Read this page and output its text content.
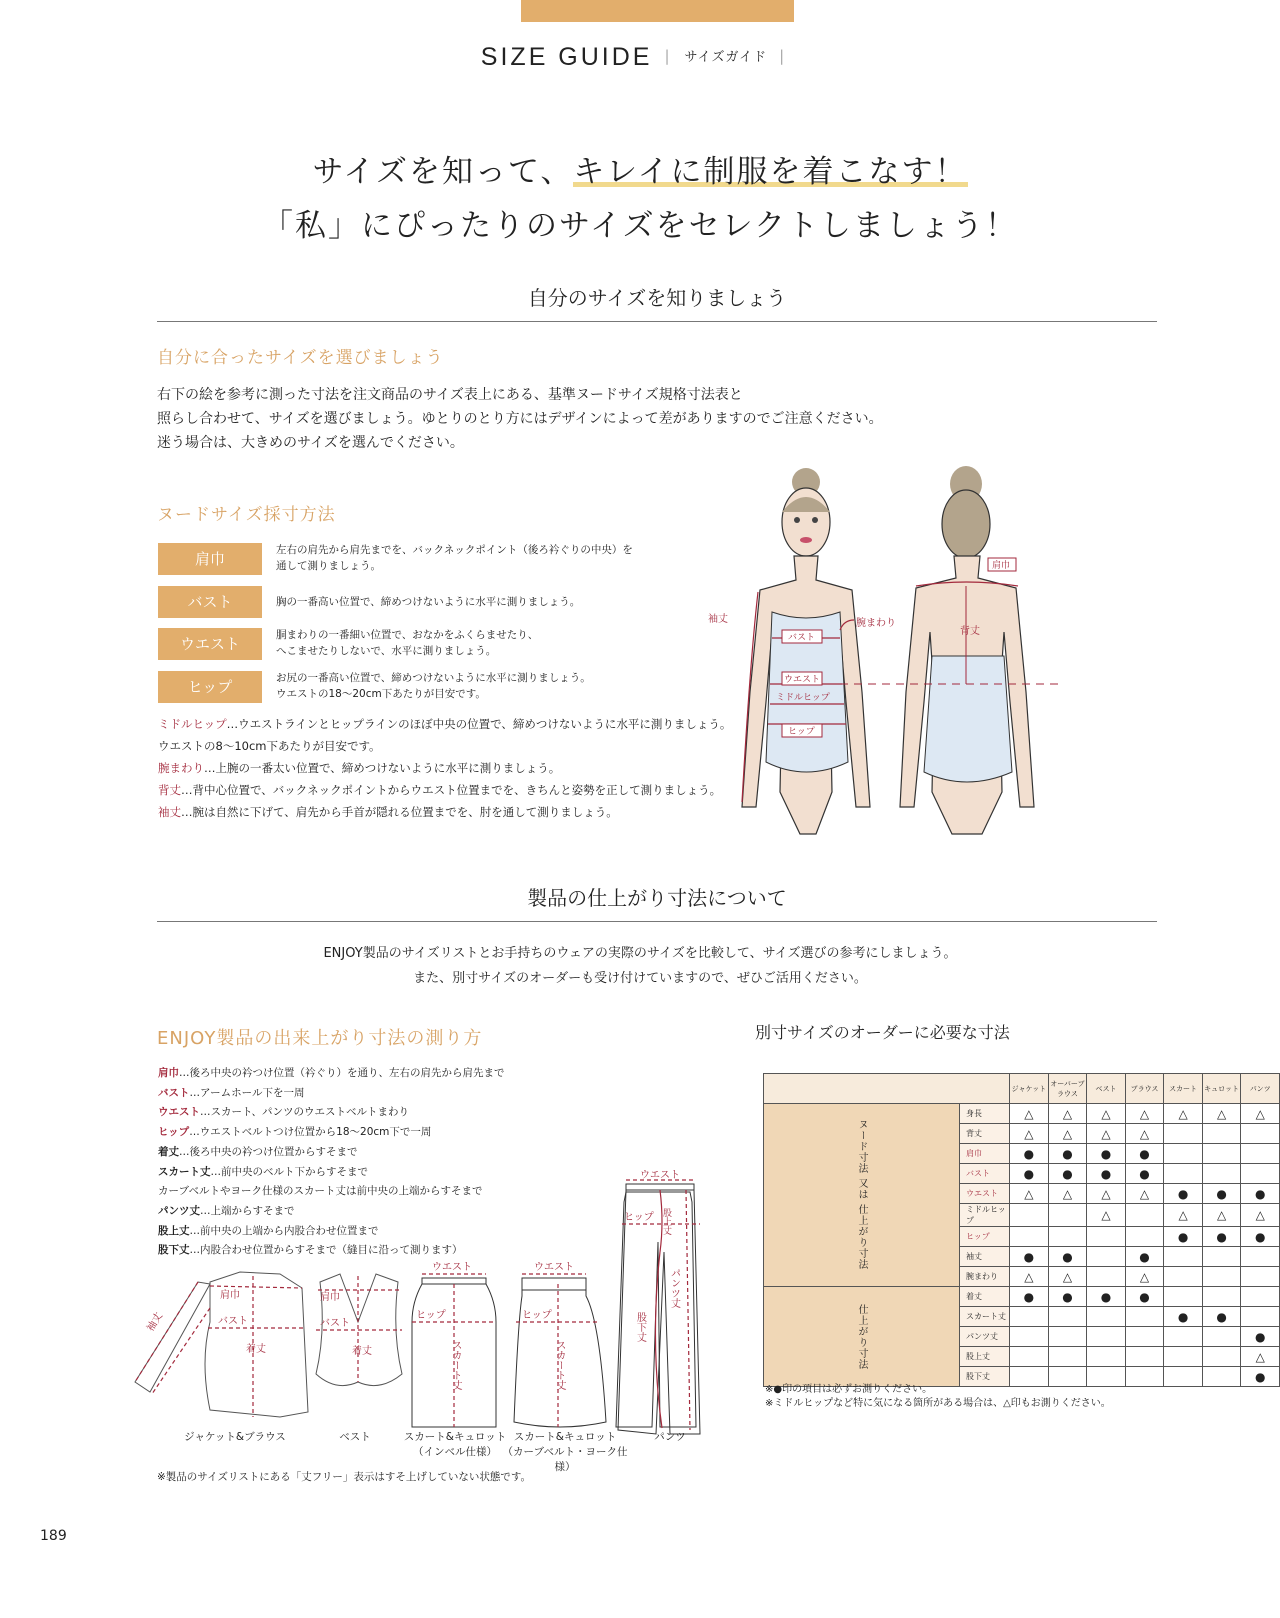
SIZE GUIDE | サイズガイド |
サイズを知って、キレイに制服を着こなす！
「私」にぴったりのサイズをセレクトしましょう！
自分のサイズを知りましょう
自分に合ったサイズを選びましょう
右下の絵を参考に測った寸法を注文商品のサイズ表上にある、基準ヌードサイズ規格寸法表と
照らし合わせて、サイズを選びましょう。ゆとりのとり方にはデザインによって差がありますのでご注意ください。
迷う場合は、大きめのサイズを選んでください。
ヌードサイズ採寸方法
肩巾	左右の肩先から肩先までを、バックネックポイント（後ろ衿ぐりの中央）を
通して測りましょう。
バスト	胸の一番高い位置で、締めつけないように水平に測りましょう。
ウエスト	胴まわりの一番細い位置で、おなかをふくらませたり、
へこませたりしないで、水平に測りましょう。
ヒップ	お尻の一番高い位置で、締めつけないように水平に測りましょう。
ウエストの18〜20cm下あたりが目安です。
ミドルヒップ…ウエストラインとヒップラインのほぼ中央の位置で、締めつけないように水平に測りましょう。
ウエストの8〜10cm下あたりが目安です。
腕まわり…上腕の一番太い位置で、締めつけないように水平に測りましょう。
背丈…背中心位置で、バックネックポイントからウエスト位置までを、きちんと姿勢を正して測りましょう。
袖丈…腕は自然に下げて、肩先から手首が隠れる位置までを、肘を通して測りましょう。
袖丈	腕まわり
バスト
ウエスト
ミドルヒップ
ヒップ
肩巾
背丈
製品の仕上がり寸法について
ENJOY製品のサイズリストとお手持ちのウェアの実際のサイズを比較して、サイズ選びの参考にしましょう。
また、別寸サイズのオーダーも受け付けていますので、ぜひご活用ください。
ENJOY製品の出来上がり寸法の測り方
肩巾…後ろ中央の衿つけ位置（衿ぐり）を通り、左右の肩先から肩先まで
バスト…アームホール下を一周
ウエスト…スカート、パンツのウエストベルトまわり
ヒップ…ウエストベルトつけ位置から18〜20cm下で一周
着丈…後ろ中央の衿つけ位置からすそまで
スカート丈…前中央のベルト下からすそまで
カーブベルトやヨーク仕様のスカート丈は前中央の上端からすそまで
パンツ丈…上端からすそまで
股上丈…前中央の上端から内股合わせ位置まで
股下丈…内股合わせ位置からすそまで（縫目に沿って測ります）
肩巾
バスト
着丈
袖丈
肩巾
バスト
着丈
ウエスト
ヒップ
ウエスト
ヒップ
ウエスト
ヒップ 股上丈
パンツ丈
股下丈
スカート丈	スカート丈
ジャケット&ブラウス	ベスト	スカート&キュロット
（インベル仕様）
スカート&キュロット
（カーブベルト・ヨーク仕様）
パンツ
※製品のサイズリストにある「丈フリー」表示はすそ上げしていない状態です。
別寸サイズのオーダーに必要な寸法
		ジャケット	オーバーブラウス	ベスト	ブラウス	スカート	キュロット	パンツ
ヌード寸法 又は 仕上がり寸法	身長	△	△	△	△	△	△	△
	背丈	△	△	△	△			
	肩巾	●	●	●	●			
	バスト	●	●	●	●			
	ウエスト	△	△	△	△	●	●	●
	ミドルヒップ			△		△	△	△
	ヒップ					●	●	●
	袖丈	●	●		●			
	腕まわり	△	△		△			
仕上がり寸法	着丈	●	●	●	●			
	スカート丈					●	●	
	パンツ丈							●
	股上丈							△
	股下丈							●
※●印の項目は必ずお測りください。
※ミドルヒップなど特に気になる箇所がある場合は、△印もお測りください。
189
